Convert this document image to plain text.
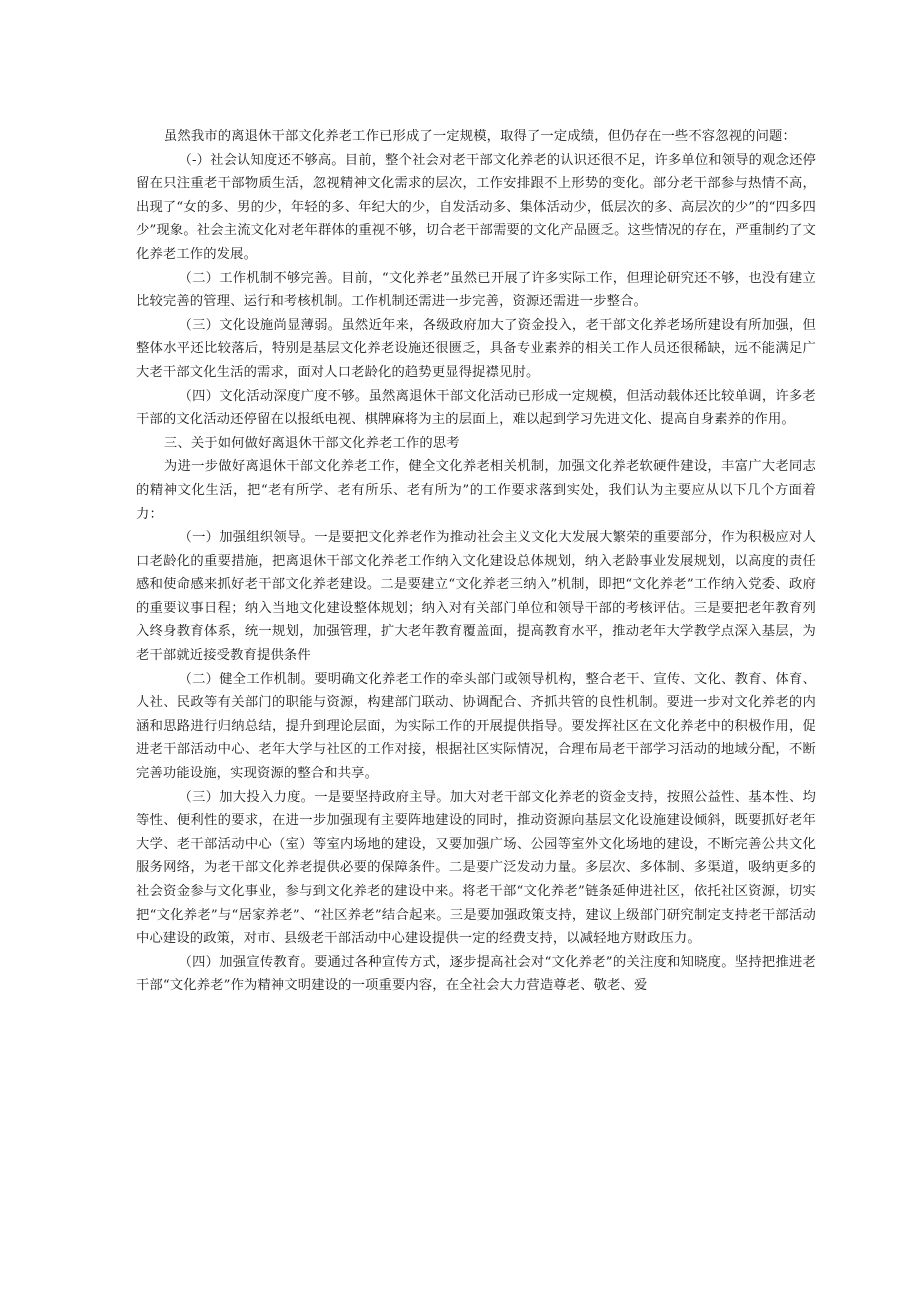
虽然我市的离退休干部文化养老工作已形成了一定规模，取得了一定成绩，但仍存在一些不容忽视的问题：

（-）社会认知度还不够高。目前，整个社会对老干部文化养老的认识还很不足，许多单位和领导的观念还停留在只注重老干部物质生活，忽视精神文化需求的层次，工作安排跟不上形势的变化。部分老干部参与热情不高，出现了“女的多、男的少，年轻的多、年纪大的少，自发活动多、集体活动少，低层次的多、高层次的少”的“四多四少”现象。社会主流文化对老年群体的重视不够，切合老干部需要的文化产品匮乏。这些情况的存在，严重制约了文化养老工作的发展。

（二）工作机制不够完善。目前，“文化养老”虽然已开展了许多实际工作，但理论研究还不够，也没有建立比较完善的管理、运行和考核机制。工作机制还需进一步完善，资源还需进一步整合。

（三）文化设施尚显薄弱。虽然近年来，各级政府加大了资金投入，老干部文化养老场所建设有所加强，但整体水平还比较落后，特别是基层文化养老设施还很匮乏，具备专业素养的相关工作人员还很稀缺，远不能满足广大老干部文化生活的需求，面对人口老龄化的趋势更显得捉襟见肘。

（四）文化活动深度广度不够。虽然离退休干部文化活动已形成一定规模，但活动载体还比较单调，许多老干部的文化活动还停留在以报纸电视、棋牌麻将为主的层面上，难以起到学习先进文化、提高自身素养的作用。

三、关于如何做好离退休干部文化养老工作的思考

为进一步做好离退休干部文化养老工作，健全文化养老相关机制，加强文化养老软硬件建设，丰富广大老同志的精神文化生活，把“老有所学、老有所乐、老有所为”的工作要求落到实处，我们认为主要应从以下几个方面着力：

（一）加强组织领导。一是要把文化养老作为推动社会主义文化大发展大繁荣的重要部分，作为积极应对人口老龄化的重要措施，把离退休干部文化养老工作纳入文化建设总体规划，纳入老龄事业发展规划，以高度的责任感和使命感来抓好老干部文化养老建设。二是要建立“文化养老三纳入”机制，即把“文化养老”工作纳入党委、政府的重要议事日程；纳入当地文化建设整体规划；纳入对有关部门单位和领导干部的考核评估。三是要把老年教育列入终身教育体系，统一规划，加强管理，扩大老年教育覆盖面，提高教育水平，推动老年大学教学点深入基层，为老干部就近接受教育提供条件

（二）健全工作机制。要明确文化养老工作的牵头部门或领导机构，整合老干、宣传、文化、教育、体育、人社、民政等有关部门的职能与资源，构建部门联动、协调配合、齐抓共管的良性机制。要进一步对文化养老的内涵和思路进行归纳总结，提升到理论层面，为实际工作的开展提供指导。要发挥社区在文化养老中的积极作用，促进老干部活动中心、老年大学与社区的工作对接，根据社区实际情况，合理布局老干部学习活动的地域分配，不断完善功能设施，实现资源的整合和共享。

（三）加大投入力度。一是要坚持政府主导。加大对老干部文化养老的资金支持，按照公益性、基本性、均等性、便利性的要求，在进一步加强现有主要阵地建设的同时，推动资源向基层文化设施建设倾斜，既要抓好老年大学、老干部活动中心（室）等室内场地的建设，又要加强广场、公园等室外文化场地的建设，不断完善公共文化服务网络，为老干部文化养老提供必要的保障条件。二是要广泛发动力量。多层次、多体制、多渠道，吸纳更多的社会资金参与文化事业，参与到文化养老的建设中来。将老干部“文化养老”链条延伸进社区，依托社区资源，切实把“文化养老”与“居家养老”、“社区养老”结合起来。三是要加强政策支持，建议上级部门研究制定支持老干部活动中心建设的政策，对市、县级老干部活动中心建设提供一定的经费支持，以减轻地方财政压力。

（四）加强宣传教育。要通过各种宣传方式，逐步提高社会对“文化养老”的关注度和知晓度。坚持把推进老干部“文化养老”作为精神文明建设的一项重要内容，在全社会大力营造尊老、敬老、爱
